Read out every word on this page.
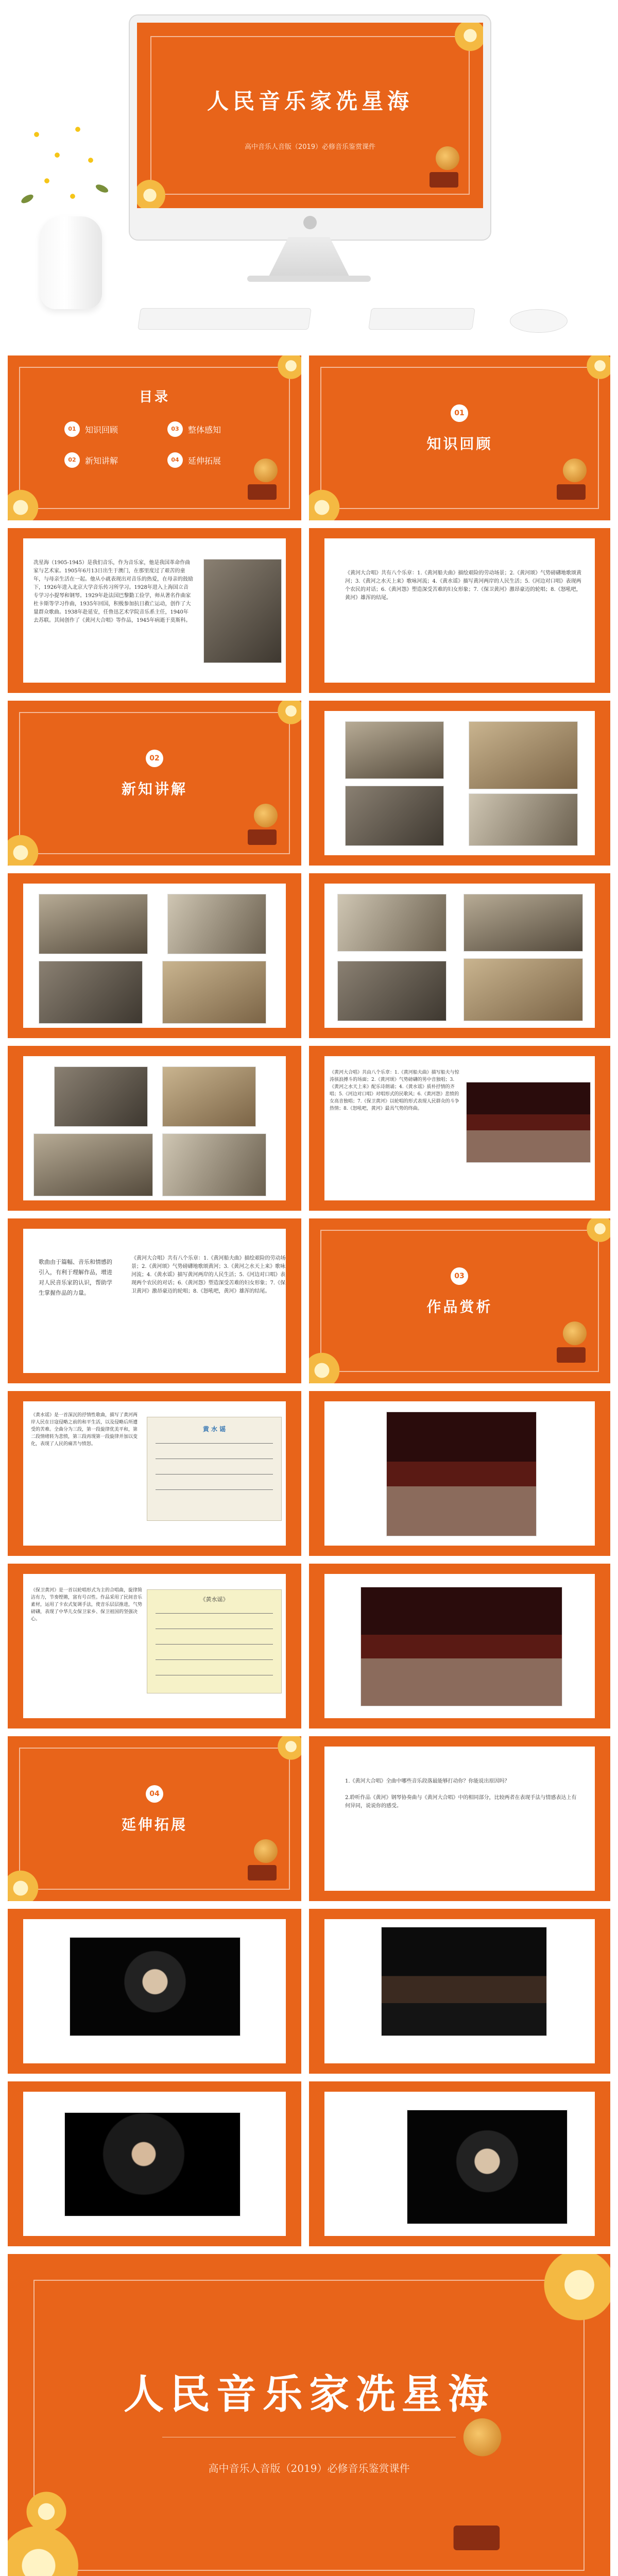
人民音乐家冼星海
高中音乐人音版（2019）必修音乐鉴赏课件
目录
01	知识回顾
02	新知讲解
03	整体感知
04	延伸拓展
01
知识回顾
冼星海（1905-1945）是我们音乐，作为音乐家，他是我国革命作曲家与艺术家。1905年6月13日出生于澳门，在那里度过了艰苦的童年，与母亲生活在一起。他从小就表现出对音乐的热爱，在母亲的鼓励下，1926年进入北京大学音乐传习所学习。1928年进入上海国立音专学习小提琴和钢琴。1929年赴法国巴黎勤工俭学，师从著名作曲家杜卡斯等学习作曲，1935年回国，积极参加抗日救亡运动，创作了大量群众歌曲。1938年赴延安，任鲁迅艺术学院音乐系主任，1940年去苏联。其间创作了《黄河大合唱》等作品，1945年病逝于莫斯科。
《黄河大合唱》共有八个乐章：1.《黄河船夫曲》描绘艰险的劳动场景；2.《黄河颂》气势磅礴地歌颂黄河；3.《黄河之水天上来》歌咏河流；4.《黄水谣》描写黄河两岸的人民生活；5.《河边对口唱》表现两个农民的对话；6.《黄河怨》塑造深受苦难的妇女形象；7.《保卫黄河》激昂豪迈的轮唱；8.《怒吼吧，黄河》雄浑的结尾。
02
新知讲解
《黄河大合唱》共由八个乐章：1.《黄河船夫曲》描写船夫与惊涛骇浪搏斗的场面；2.《黄河颂》气势磅礴的男中音独唱；3.《黄河之水天上来》配乐诗朗诵；4.《黄水谣》质朴抒情的齐唱；5.《河边对口唱》对唱形式的民歌风；6.《黄河怨》悲愤的女高音独唱；7.《保卫黄河》以轮唱的形式表现人民群众的斗争热情；8.《怒吼吧，黄河》最具气势的终曲。
歌曲由于篇幅、音乐和情感的引入，有利于理解作品，增进对人民音乐家的认识，帮助学生掌握作品的力量。
《黄河大合唱》共有八个乐章：1.《黄河船夫曲》描绘艰险的劳动场景；2.《黄河颂》气势磅礴地歌颂黄河；3.《黄河之水天上来》歌咏河流；4.《黄水谣》描写黄河两岸的人民生活；5.《河边对口唱》表现两个农民的对话；6.《黄河怨》塑造深受苦难的妇女形象；7.《保卫黄河》激昂豪迈的轮唱；8.《怒吼吧，黄河》雄浑的结尾。
03
作品赏析
《黄水谣》是一首深沉的抒情性歌曲，描写了黄河两岸人民在日寇侵略之前的和平生活，以及侵略后所遭受的苦难。全曲分为三段，第一段旋律优美平和，第二段情绪转为悲愤，第三段再现第一段旋律并加以变化，表现了人民的痛苦与愤怒。
黄 水 谣
《保卫黄河》是一首以轮唱形式为主的合唱曲，旋律简洁有力，节奏铿锵，富有号召性。作品采用了民间音乐素材，运用了卡农式复调手法，使音乐层层推进，气势磅礴，表现了中华儿女保卫家乡、保卫祖国的坚强决心。
《黄水谣》
04
延伸拓展
1.《黄河大合唱》全曲中哪些音乐段落最能够打动你？你能说出原因吗？

2.聆听作品《黄河》钢琴协奏曲与《黄河大合唱》中的相同部分，比较两者在表现手法与情感表达上有何异同，说说你的感受。
人民音乐家冼星海
高中音乐人音版（2019）必修音乐鉴赏课件
